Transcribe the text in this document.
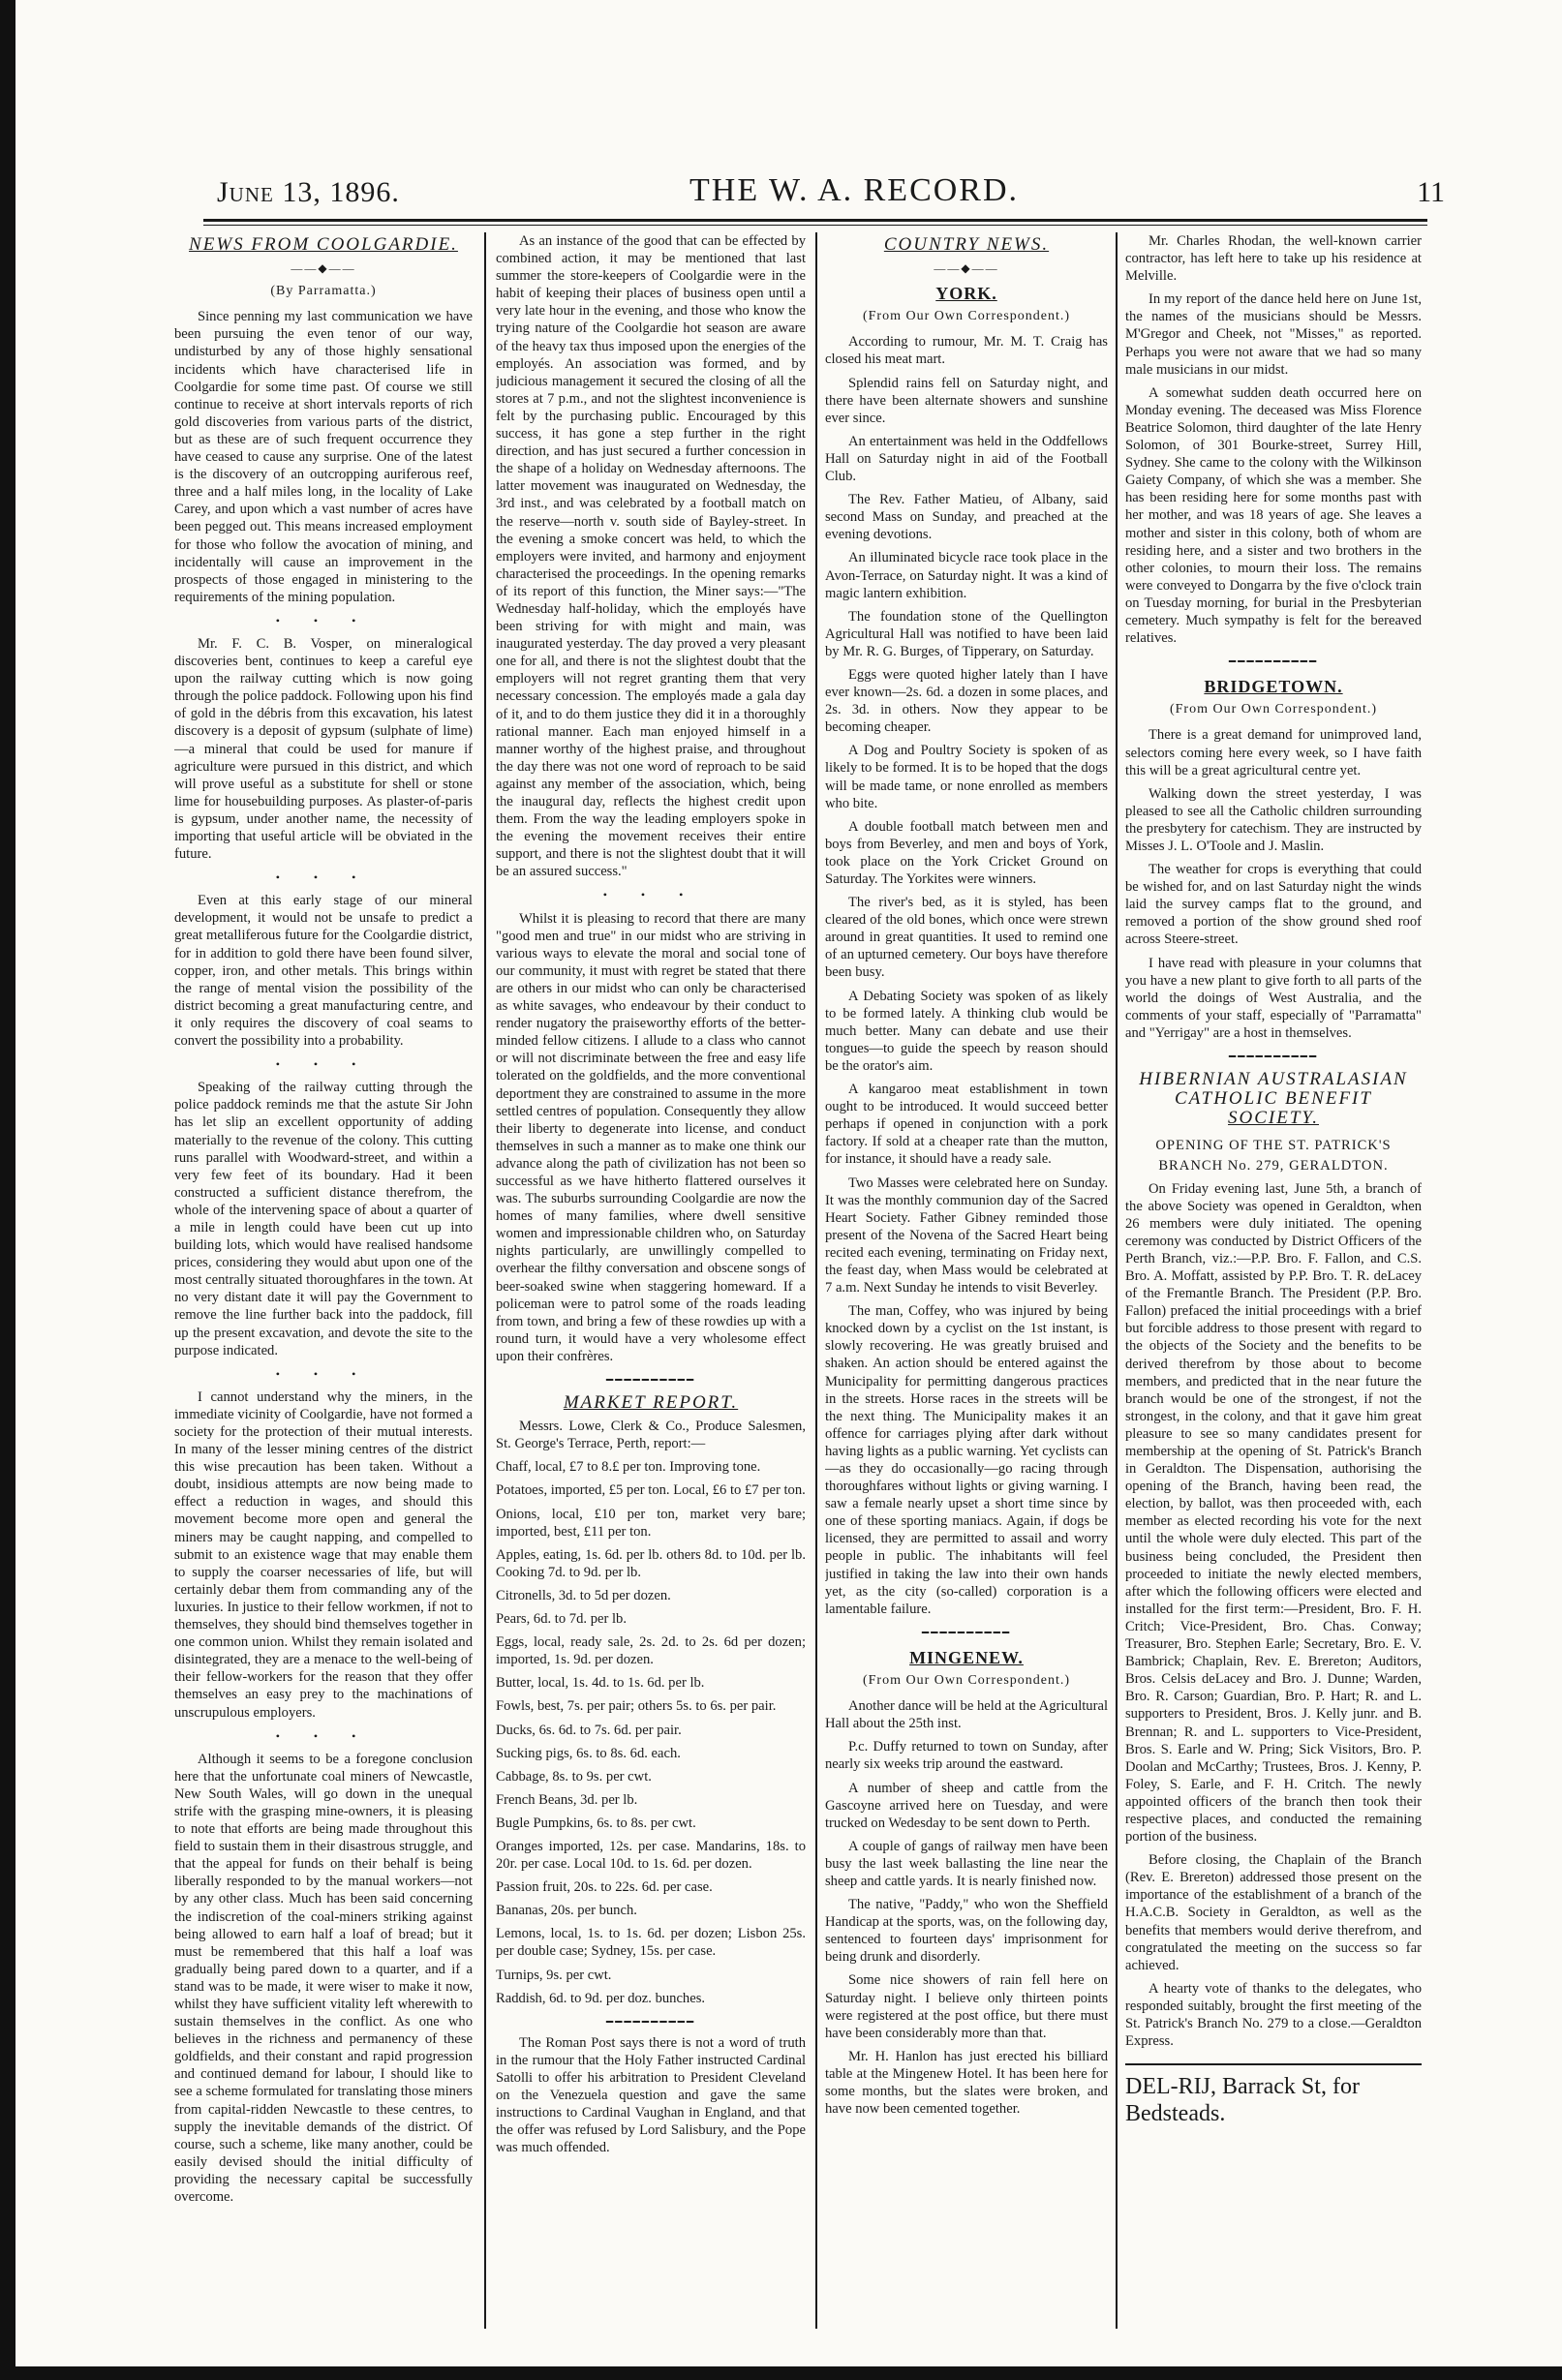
June 13, 1896.	THE W. A. RECORD.	11
NEWS FROM COOLGARDIE.
——◆——
(By Parramatta.)

Since penning my last communication we have been pursuing the even tenor of our way, undisturbed by any of those highly sensational incidents which have characterised life in Coolgardie for some time past. Of course we still continue to receive at short intervals reports of rich gold discoveries from various parts of the district, but as these are of such frequent occurrence they have ceased to cause any surprise. One of the latest is the discovery of an outcropping auriferous reef, three and a half miles long, in the locality of Lake Carey, and upon which a vast number of acres have been pegged out. This means increased employment for those who follow the avocation of mining, and incidentally will cause an improvement in the prospects of those engaged in ministering to the requirements of the mining population.

• • •

Mr. F. C. B. Vosper, on mineralogical discoveries bent, continues to keep a careful eye upon the railway cutting which is now going through the police paddock. Following upon his find of gold in the débris from this excavation, his latest discovery is a deposit of gypsum (sulphate of lime)—a mineral that could be used for manure if agriculture were pursued in this district, and which will prove useful as a substitute for shell or stone lime for housebuilding purposes. As plaster-of-paris is gypsum, under another name, the necessity of importing that useful article will be obviated in the future.

• • •

Even at this early stage of our mineral development, it would not be unsafe to predict a great metalliferous future for the Coolgardie district, for in addition to gold there have been found silver, copper, iron, and other metals. This brings within the range of mental vision the possibility of the district becoming a great manufacturing centre, and it only requires the discovery of coal seams to convert the possibility into a probability.

• • •

Speaking of the railway cutting through the police paddock reminds me that the astute Sir John has let slip an excellent opportunity of adding materially to the revenue of the colony. This cutting runs parallel with Woodward-street, and within a very few feet of its boundary. Had it been constructed a sufficient distance therefrom, the whole of the intervening space of about a quarter of a mile in length could have been cut up into building lots, which would have realised handsome prices, considering they would abut upon one of the most centrally situated thoroughfares in the town. At no very distant date it will pay the Government to remove the line further back into the paddock, fill up the present excavation, and devote the site to the purpose indicated.

• • •

I cannot understand why the miners, in the immediate vicinity of Coolgardie, have not formed a society for the protection of their mutual interests. In many of the lesser mining centres of the district this wise precaution has been taken. Without a doubt, insidious attempts are now being made to effect a reduction in wages, and should this movement become more open and general the miners may be caught napping, and compelled to submit to an existence wage that may enable them to supply the coarser necessaries of life, but will certainly debar them from commanding any of the luxuries. In justice to their fellow workmen, if not to themselves, they should bind themselves together in one common union. Whilst they remain isolated and disintegrated, they are a menace to the well-being of their fellow-workers for the reason that they offer themselves an easy prey to the machinations of unscrupulous employers.

• • •

Although it seems to be a foregone conclusion here that the unfortunate coal miners of Newcastle, New South Wales, will go down in the unequal strife with the grasping mine-owners, it is pleasing to note that efforts are being made throughout this field to sustain them in their disastrous struggle, and that the appeal for funds on their behalf is being liberally responded to by the manual workers—not by any other class. Much has been said concerning the indiscretion of the coal-miners striking against being allowed to earn half a loaf of bread; but it must be remembered that this half a loaf was gradually being pared down to a quarter, and if a stand was to be made, it were wiser to make it now, whilst they have sufficient vitality left wherewith to sustain themselves in the conflict. As one who believes in the richness and permanency of these goldfields, and their constant and rapid progression and continued demand for labour, I should like to see a scheme formulated for translating those miners from capital-ridden Newcastle to these centres, to supply the inevitable demands of the district. Of course, such a scheme, like many another, could be easily devised should the initial difficulty of providing the necessary capital be successfully overcome.

As an instance of the good that can be effected by combined action, it may be mentioned that last summer the store-keepers of Coolgardie were in the habit of keeping their places of business open until a very late hour in the evening, and those who know the trying nature of the Coolgardie hot season are aware of the heavy tax thus imposed upon the energies of the employés. An association was formed, and by judicious management it secured the closing of all the stores at 7 p.m., and not the slightest inconvenience is felt by the purchasing public. Encouraged by this success, it has gone a step further in the right direction, and has just secured a further concession in the shape of a holiday on Wednesday afternoons. The latter movement was inaugurated on Wednesday, the 3rd inst., and was celebrated by a football match on the reserve—north v. south side of Bayley-street. In the evening a smoke concert was held, to which the employers were invited, and harmony and enjoyment characterised the proceedings. In the opening remarks of its report of this function, the Miner says:—"The Wednesday half-holiday, which the employés have been striving for with might and main, was inaugurated yesterday. The day proved a very pleasant one for all, and there is not the slightest doubt that the employers will not regret granting them that very necessary concession. The employés made a gala day of it, and to do them justice they did it in a thoroughly rational manner. Each man enjoyed himself in a manner worthy of the highest praise, and throughout the day there was not one word of reproach to be said against any member of the association, which, being the inaugural day, reflects the highest credit upon them. From the way the leading employers spoke in the evening the movement receives their entire support, and there is not the slightest doubt that it will be an assured success."

• • •

Whilst it is pleasing to record that there are many "good men and true" in our midst who are striving in various ways to elevate the moral and social tone of our community, it must with regret be stated that there are others in our midst who can only be characterised as white savages, who endeavour by their conduct to render nugatory the praiseworthy efforts of the better-minded fellow citizens. I allude to a class who cannot or will not discriminate between the free and easy life tolerated on the goldfields, and the more conventional deportment they are constrained to assume in the more settled centres of population. Consequently they allow their liberty to degenerate into license, and conduct themselves in such a manner as to make one think our advance along the path of civilization has not been so successful as we have hitherto flattered ourselves it was. The suburbs surrounding Coolgardie are now the homes of many families, where dwell sensitive women and impressionable children who, on Saturday nights particularly, are unwillingly compelled to overhear the filthy conversation and obscene songs of beer-soaked swine when staggering homeward. If a policeman were to patrol some of the roads leading from town, and bring a few of these rowdies up with a round turn, it would have a very wholesome effect upon their confrères.

━━━━━━━━━━
MARKET REPORT.

Messrs. Lowe, Clerk & Co., Produce Salesmen, St. George's Terrace, Perth, report:—

Chaff, local, £7 to 8.£ per ton. Improving tone.

Potatoes, imported, £5 per ton. Local, £6 to £7 per ton.

Onions, local, £10 per ton, market very bare; imported, best, £11 per ton.

Apples, eating, 1s. 6d. per lb. others 8d. to 10d. per lb. Cooking 7d. to 9d. per lb.

Citronells, 3d. to 5d per dozen.

Pears, 6d. to 7d. per lb.

Eggs, local, ready sale, 2s. 2d. to 2s. 6d per dozen; imported, 1s. 9d. per dozen.

Butter, local, 1s. 4d. to 1s. 6d. per lb.

Fowls, best, 7s. per pair; others 5s. to 6s. per pair.

Ducks, 6s. 6d. to 7s. 6d. per pair.

Sucking pigs, 6s. to 8s. 6d. each.

Cabbage, 8s. to 9s. per cwt.

French Beans, 3d. per lb.

Bugle Pumpkins, 6s. to 8s. per cwt.

Oranges imported, 12s. per case. Mandarins, 18s. to 20r. per case. Local 10d. to 1s. 6d. per dozen.

Passion fruit, 20s. to 22s. 6d. per case.

Bananas, 20s. per bunch.

Lemons, local, 1s. to 1s. 6d. per dozen; Lisbon 25s. per double case; Sydney, 15s. per case.

Turnips, 9s. per cwt.

Raddish, 6d. to 9d. per doz. bunches.

━━━━━━━━━━

The Roman Post says there is not a word of truth in the rumour that the Holy Father instructed Cardinal Satolli to offer his arbitration to President Cleveland on the Venezuela question and gave the same instructions to Cardinal Vaughan in England, and that the offer was refused by Lord Salisbury, and the Pope was much offended.

COUNTRY NEWS.
——◆——
YORK.
(From Our Own Correspondent.)

According to rumour, Mr. M. T. Craig has closed his meat mart.

Splendid rains fell on Saturday night, and there have been alternate showers and sunshine ever since.

An entertainment was held in the Oddfellows Hall on Saturday night in aid of the Football Club.

The Rev. Father Matieu, of Albany, said second Mass on Sunday, and preached at the evening devotions.

An illuminated bicycle race took place in the Avon-Terrace, on Saturday night. It was a kind of magic lantern exhibition.

The foundation stone of the Quellington Agricultural Hall was notified to have been laid by Mr. R. G. Burges, of Tipperary, on Saturday.

Eggs were quoted higher lately than I have ever known—2s. 6d. a dozen in some places, and 2s. 3d. in others. Now they appear to be becoming cheaper.

A Dog and Poultry Society is spoken of as likely to be formed. It is to be hoped that the dogs will be made tame, or none enrolled as members who bite.

A double football match between men and boys from Beverley, and men and boys of York, took place on the York Cricket Ground on Saturday. The Yorkites were winners.

The river's bed, as it is styled, has been cleared of the old bones, which once were strewn around in great quantities. It used to remind one of an upturned cemetery. Our boys have therefore been busy.

A Debating Society was spoken of as likely to be formed lately. A thinking club would be much better. Many can debate and use their tongues—to guide the speech by reason should be the orator's aim.

A kangaroo meat establishment in town ought to be introduced. It would succeed better perhaps if opened in conjunction with a pork factory. If sold at a cheaper rate than the mutton, for instance, it should have a ready sale.

Two Masses were celebrated here on Sunday. It was the monthly communion day of the Sacred Heart Society. Father Gibney reminded those present of the Novena of the Sacred Heart being recited each evening, terminating on Friday next, the feast day, when Mass would be celebrated at 7 a.m. Next Sunday he intends to visit Beverley.

The man, Coffey, who was injured by being knocked down by a cyclist on the 1st instant, is slowly recovering. He was greatly bruised and shaken. An action should be entered against the Municipality for permitting dangerous practices in the streets. Horse races in the streets will be the next thing. The Municipality makes it an offence for carriages plying after dark without having lights as a public warning. Yet cyclists can—as they do occasionally—go racing through thoroughfares without lights or giving warning. I saw a female nearly upset a short time since by one of these sporting maniacs. Again, if dogs be licensed, they are permitted to assail and worry people in public. The inhabitants will feel justified in taking the law into their own hands yet, as the city (so-called) corporation is a lamentable failure.

━━━━━━━━━━
MINGENEW.
(From Our Own Correspondent.)

Another dance will be held at the Agricultural Hall about the 25th inst.

P.c. Duffy returned to town on Sunday, after nearly six weeks trip around the eastward.

A number of sheep and cattle from the Gascoyne arrived here on Tuesday, and were trucked on Wedesday to be sent down to Perth.

A couple of gangs of railway men have been busy the last week ballasting the line near the sheep and cattle yards. It is nearly finished now.

The native, "Paddy," who won the Sheffield Handicap at the sports, was, on the following day, sentenced to fourteen days' imprisonment for being drunk and disorderly.

Some nice showers of rain fell here on Saturday night. I believe only thirteen points were registered at the post office, but there must have been considerably more than that.

Mr. H. Hanlon has just erected his billiard table at the Mingenew Hotel. It has been here for some months, but the slates were broken, and have now been cemented together.

Mr. Charles Rhodan, the well-known carrier contractor, has left here to take up his residence at Melville.

In my report of the dance held here on June 1st, the names of the musicians should be Messrs. M'Gregor and Cheek, not "Misses," as reported. Perhaps you were not aware that we had so many male musicians in our midst.

A somewhat sudden death occurred here on Monday evening. The deceased was Miss Florence Beatrice Solomon, third daughter of the late Henry Solomon, of 301 Bourke-street, Surrey Hill, Sydney. She came to the colony with the Wilkinson Gaiety Company, of which she was a member. She has been residing here for some months past with her mother, and was 18 years of age. She leaves a mother and sister in this colony, both of whom are residing here, and a sister and two brothers in the other colonies, to mourn their loss. The remains were conveyed to Dongarra by the five o'clock train on Tuesday morning, for burial in the Presbyterian cemetery. Much sympathy is felt for the bereaved relatives.

━━━━━━━━━━
BRIDGETOWN.
(From Our Own Correspondent.)

There is a great demand for unimproved land, selectors coming here every week, so I have faith this will be a great agricultural centre yet.

Walking down the street yesterday, I was pleased to see all the Catholic children surrounding the presbytery for catechism. They are instructed by Misses J. L. O'Toole and J. Maslin.

The weather for crops is everything that could be wished for, and on last Saturday night the winds laid the survey camps flat to the ground, and removed a portion of the show ground shed roof across Steere-street.

I have read with pleasure in your columns that you have a new plant to give forth to all parts of the world the doings of West Australia, and the comments of your staff, especially of "Parramatta" and "Yerrigay" are a host in themselves.

━━━━━━━━━━
HIBERNIAN AUSTRALASIAN
CATHOLIC BENEFIT
SOCIETY.
OPENING OF THE ST. PATRICK'S
BRANCH No. 279, GERALDTON.

On Friday evening last, June 5th, a branch of the above Society was opened in Geraldton, when 26 members were duly initiated. The opening ceremony was conducted by District Officers of the Perth Branch, viz.:—P.P. Bro. F. Fallon, and C.S. Bro. A. Moffatt, assisted by P.P. Bro. T. R. deLacey of the Fremantle Branch. The President (P.P. Bro. Fallon) prefaced the initial proceedings with a brief but forcible address to those present with regard to the objects of the Society and the benefits to be derived therefrom by those about to become members, and predicted that in the near future the branch would be one of the strongest, if not the strongest, in the colony, and that it gave him great pleasure to see so many candidates present for membership at the opening of St. Patrick's Branch in Geraldton. The Dispensation, authorising the opening of the Branch, having been read, the election, by ballot, was then proceeded with, each member as elected recording his vote for the next until the whole were duly elected. This part of the business being concluded, the President then proceeded to initiate the newly elected members, after which the following officers were elected and installed for the first term:—President, Bro. F. H. Critch; Vice-President, Bro. Chas. Conway; Treasurer, Bro. Stephen Earle; Secretary, Bro. E. V. Bambrick; Chaplain, Rev. E. Brereton; Auditors, Bros. Celsis deLacey and Bro. J. Dunne; Warden, Bro. R. Carson; Guardian, Bro. P. Hart; R. and L. supporters to President, Bros. J. Kelly junr. and B. Brennan; R. and L. supporters to Vice-President, Bros. S. Earle and W. Pring; Sick Visitors, Bro. P. Doolan and McCarthy; Trustees, Bros. J. Kenny, P. Foley, S. Earle, and F. H. Critch. The newly appointed officers of the branch then took their respective places, and conducted the remaining portion of the business.

Before closing, the Chaplain of the Branch (Rev. E. Brereton) addressed those present on the importance of the establishment of a branch of the H.A.C.B. Society in Geraldton, as well as the benefits that members would derive therefrom, and congratulated the meeting on the success so far achieved.

A hearty vote of thanks to the delegates, who responded suitably, brought the first meeting of the St. Patrick's Branch No. 279 to a close.—Geraldton Express.

DEL-RIJ, Barrack St, for Bedsteads.
